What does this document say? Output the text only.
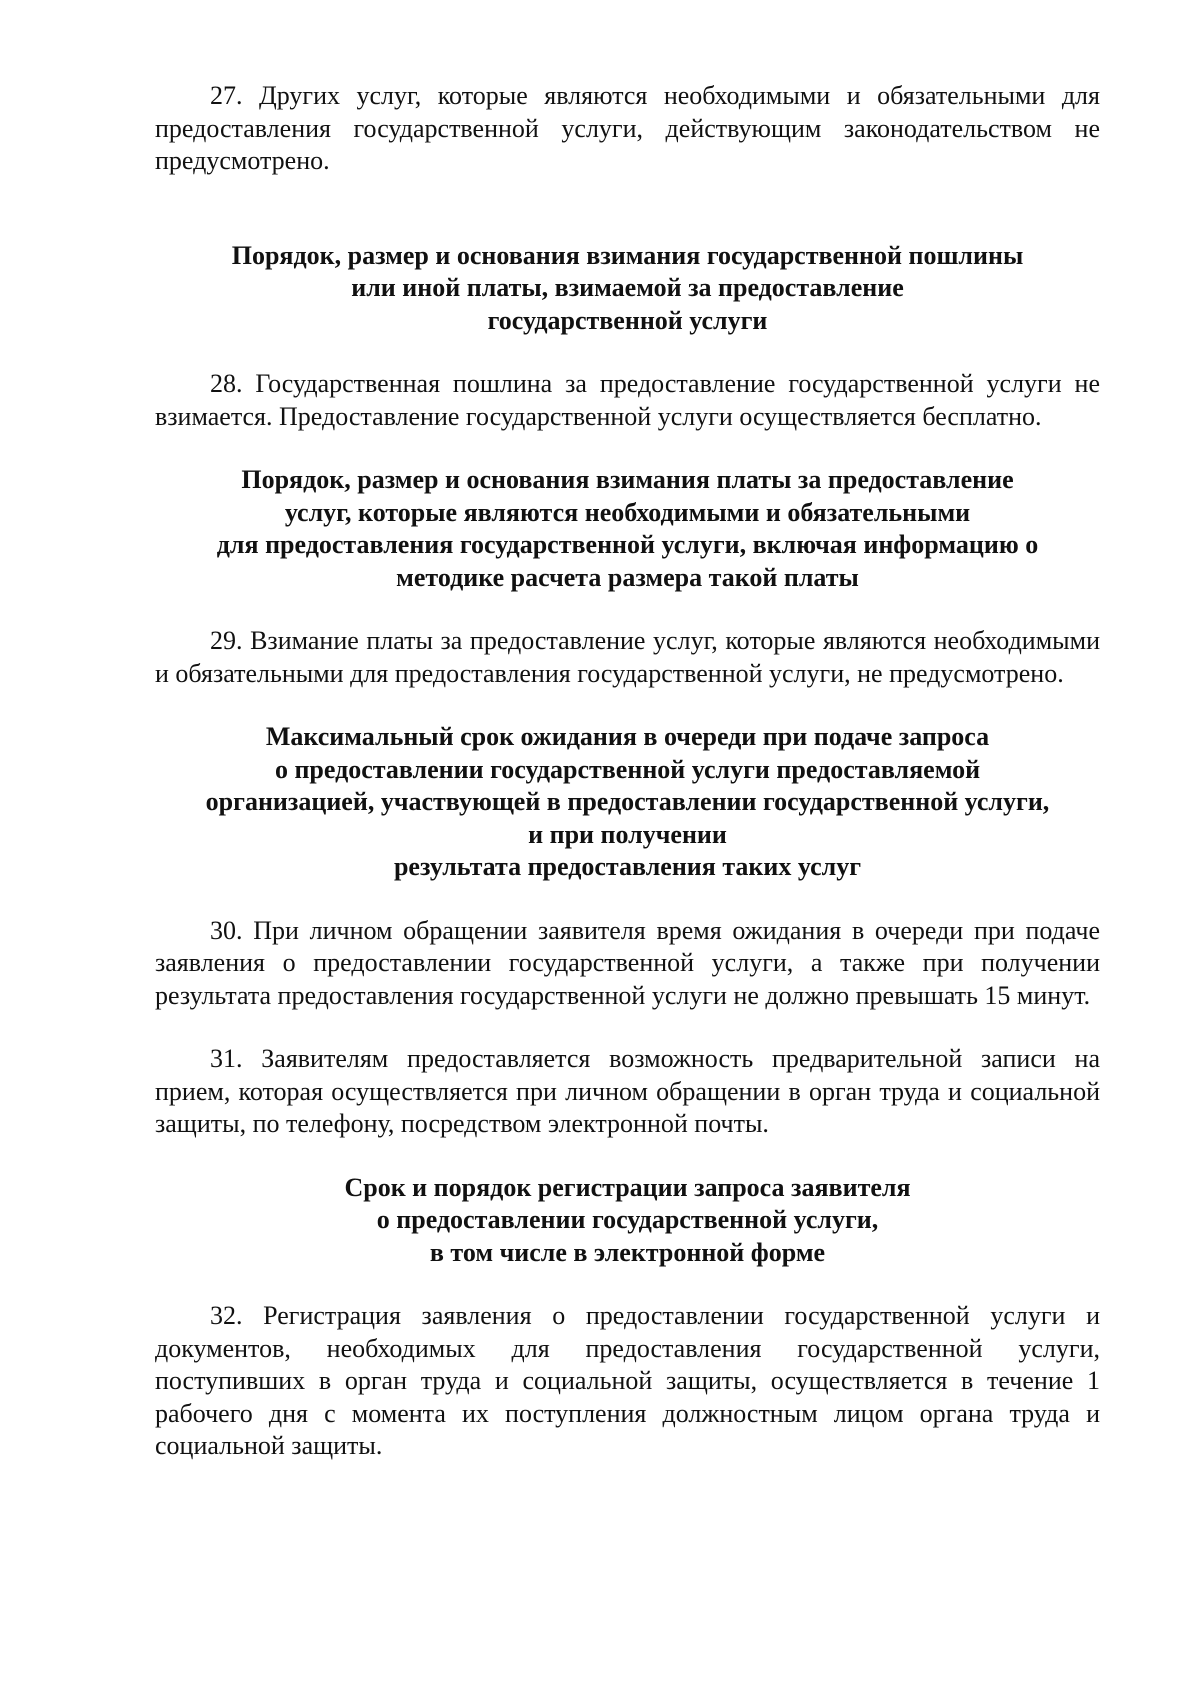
27. Других услуг, которые являются необходимыми и обязательными для предоставления государственной услуги, действующим законодательством не предусмотрено.

Порядок, размер и основания взимания государственной пошлины
или иной платы, взимаемой за предоставление
государственной услуги

28. Государственная пошлина за предоставление государственной услуги не взимается. Предоставление государственной услуги осуществляется бесплатно.

Порядок, размер и основания взимания платы за предоставление
услуг, которые являются необходимыми и обязательными
для предоставления государственной услуги, включая информацию о
методике расчета размера такой платы

29. Взимание платы за предоставление услуг, которые являются необходимыми и обязательными для предоставления государственной услуги, не предусмотрено.

Максимальный срок ожидания в очереди при подаче запроса
о предоставлении государственной услуги предоставляемой
организацией, участвующей в предоставлении государственной услуги,
и при получении
результата предоставления таких услуг

30. При личном обращении заявителя время ожидания в очереди при подаче заявления о предоставлении государственной услуги, а также при получении результата предоставления государственной услуги не должно превышать 15 минут.

31. Заявителям предоставляется возможность предварительной записи на прием, которая осуществляется при личном обращении в орган труда и социальной защиты, по телефону, посредством электронной почты.

Срок и порядок регистрации запроса заявителя
о предоставлении государственной услуги,
в том числе в электронной форме

32. Регистрация заявления о предоставлении государственной услуги и документов, необходимых для предоставления государственной услуги, поступивших в орган труда и социальной защиты, осуществляется в течение 1 рабочего дня с момента их поступления должностным лицом органа труда и социальной защиты.
